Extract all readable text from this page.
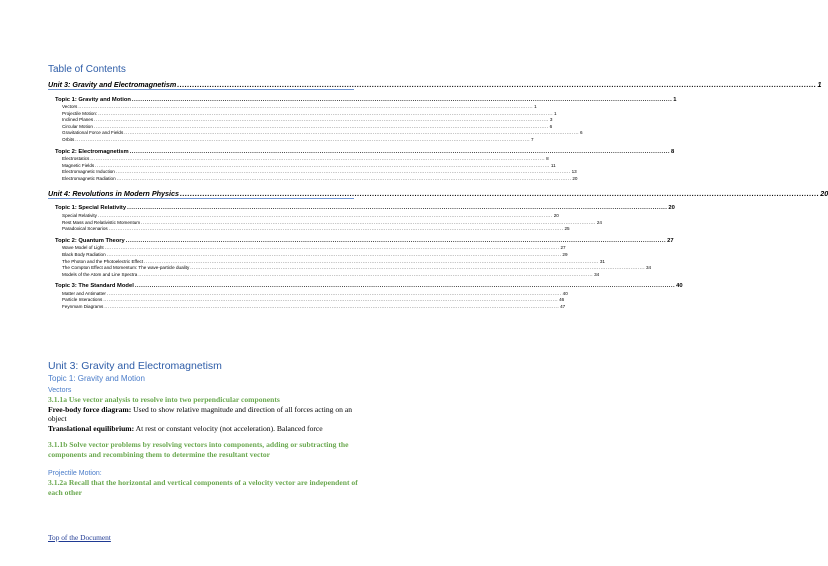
Table of Contents
Unit 3: Gravity and Electromagnetism .....	1
Topic 1: Gravity and Motion .....	1
Vectors .....	1
Projectile Motion: .....	1
Inclined Planes .....	3
Circular Motion .....	6
Gravitational Force and Fields .....	6
Orbits .....	7
Topic 2: Electromagnetism .....	8
Electrostatics .....	8
Magnetic Fields .....	11
Electromagnetic Induction .....	13
Electromagnetic Radiation .....	20
Unit 4: Revolutions in Modern Physics .....	20
Topic 1: Special Relativity .....	20
Special Relativity .....	20
Rest Mass and Relativistic Momentum .....	24
Paradoxical Scenarios .....	25
Topic 2: Quantum Theory .....	27
Wave Model of Light .....	27
Black Body Radiation .....	29
The Photon and the Photoelectric Effect .....	31
The Compton Effect and Momentum: The wave-particle duality .....	34
Models of the Atom and Line Spectra .....	34
Topic 3: The Standard Model .....	40
Matter and Antimatter .....	40
Particle Interactions .....	46
Feynmam Diagrams .....	47
Unit 3: Gravity and Electromagnetism
Topic 1: Gravity and Motion
Vectors
3.1.1a Use vector analysis to resolve into two perpendicular components
Free-body force diagram: Used to show relative magnitude and direction of all forces acting on an object
Translational equilibrium: At rest or constant velocity (not acceleration). Balanced force
3.1.1b Solve vector problems by resolving vectors into components, adding or subtracting the components and recombining them to determine the resultant vector
Projectile Motion:
3.1.2a Recall that the horizontal and vertical components of a velocity vector are independent of each other
Top of the Document
